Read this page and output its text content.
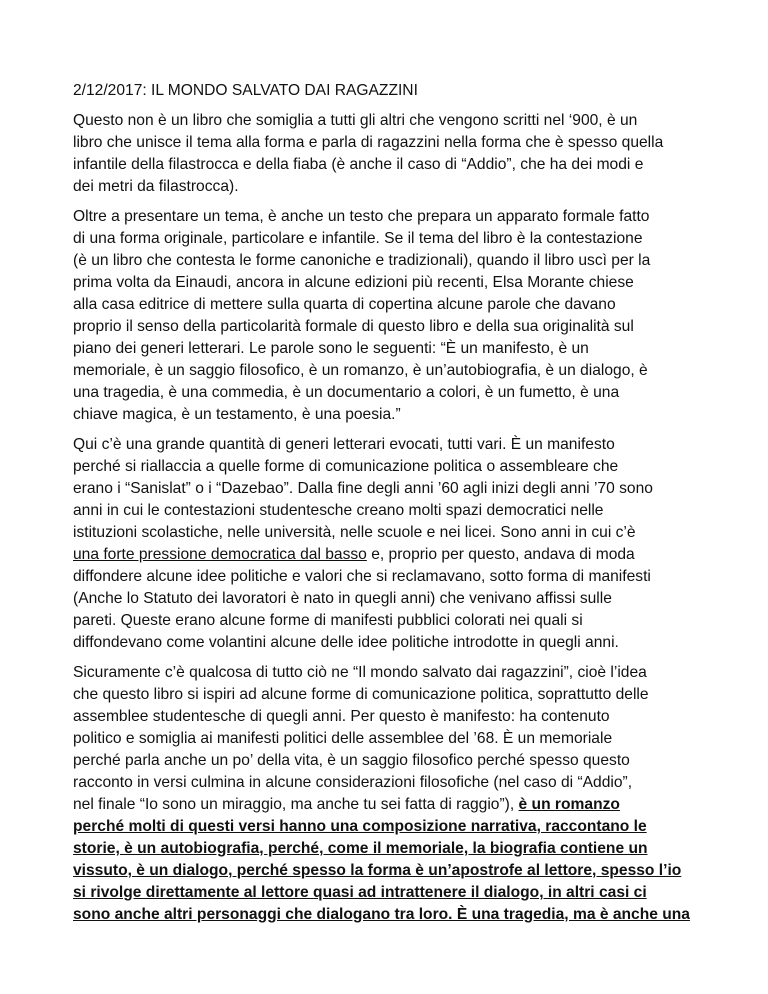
2/12/2017: IL MONDO SALVATO DAI RAGAZZINI

Questo non è un libro che somiglia a tutti gli altri che vengono scritti nel ‘900, è un
libro che unisce il tema alla forma e parla di ragazzini nella forma che è spesso quella
infantile della filastrocca e della fiaba (è anche il caso di “Addio”, che ha dei modi e
dei metri da filastrocca).

Oltre a presentare un tema, è anche un testo che prepara un apparato formale fatto
di una forma originale, particolare e infantile. Se il tema del libro è la contestazione
(è un libro che contesta le forme canoniche e tradizionali), quando il libro uscì per la
prima volta da Einaudi, ancora in alcune edizioni più recenti, Elsa Morante chiese
alla casa editrice di mettere sulla quarta di copertina alcune parole che davano
proprio il senso della particolarità formale di questo libro e della sua originalità sul
piano dei generi letterari. Le parole sono le seguenti: “È un manifesto, è un
memoriale, è un saggio filosofico, è un romanzo, è un’autobiografia, è un dialogo, è
una tragedia, è una commedia, è un documentario a colori, è un fumetto, è una
chiave magica, è un testamento, è una poesia.”

Qui c’è una grande quantità di generi letterari evocati, tutti vari. È un manifesto
perché si riallaccia a quelle forme di comunicazione politica o assembleare che
erano i “Sanislat” o i “Dazebao”. Dalla fine degli anni ’60 agli inizi degli anni ’70 sono
anni in cui le contestazioni studentesche creano molti spazi democratici nelle
istituzioni scolastiche, nelle università, nelle scuole e nei licei. Sono anni in cui c’è
una forte pressione democratica dal basso e, proprio per questo, andava di moda
diffondere alcune idee politiche e valori che si reclamavano, sotto forma di manifesti
(Anche lo Statuto dei lavoratori è nato in quegli anni) che venivano affissi sulle
pareti. Queste erano alcune forme di manifesti pubblici colorati nei quali si
diffondevano come volantini alcune delle idee politiche introdotte in quegli anni.

Sicuramente c’è qualcosa di tutto ciò ne “Il mondo salvato dai ragazzini”, cioè l’idea
che questo libro si ispiri ad alcune forme di comunicazione politica, soprattutto delle
assemblee studentesche di quegli anni. Per questo è manifesto: ha contenuto
politico e somiglia ai manifesti politici delle assemblee del ’68. È un memoriale
perché parla anche un po’ della vita, è un saggio filosofico perché spesso questo
racconto in versi culmina in alcune considerazioni filosofiche (nel caso di “Addio”,
nel finale “Io sono un miraggio, ma anche tu sei fatta di raggio”), è un romanzo
perché molti di questi versi hanno una composizione narrativa, raccontano le
storie, è un autobiografia, perché, come il memoriale, la biografia contiene un
vissuto, è un dialogo, perché spesso la forma è un’apostrofe al lettore, spesso l’io
si rivolge direttamente al lettore quasi ad intrattenere il dialogo, in altri casi ci
sono anche altri personaggi che dialogano tra loro. È una tragedia, ma è anche una
